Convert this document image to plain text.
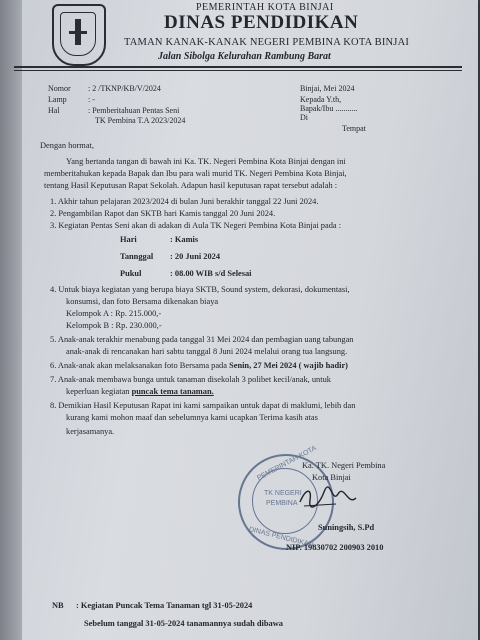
PEMERINTAH KOTA BINJAI
DINAS PENDIDIKAN
TAMAN KANAK-KANAK NEGERI PEMBINA KOTA BINJAI
Jalan Sibolga Kelurahan Rambung Barat
Nomor : 2 /TKNP/KB/V/2024
Lamp	: -
Hal	: Pemberitahuan Pentas Seni
TK Pembina T.A 2023/2024
Binjai, Mei 2024
Kepada Y.th,
Bapak/Ibu ...........
Di
Tempat
Dengan hormat,
Yang bertanda tangan di bawah ini Ka. TK. Negeri Pembina Kota Binjai dengan ini
memberitahukan kepada Bapak dan Ibu para wali murid TK. Negeri Pembina Kota Binjai,
tentang Hasil Keputusan Rapat Sekolah. Adapun hasil keputusan rapat tersebut adalah :
1. Akhir tahun pelajaran 2023/2024 di bulan Juni berakhir tanggal 22 Juni 2024.
2. Pengambilan Rapot dan SKTB hari Kamis tanggal 20 Juni 2024.
3. Kegiatan Pentas Seni akan di adakan di Aula TK Negeri Pembina Kota Binjai pada :
Hari	: Kamis
Tannggal : 20 Juni 2024
Pukul	: 08.00 WIB s/d Selesai
4. Untuk biaya kegiatan yang berupa biaya SKTB, Sound system, dekorasi, dokumentasi,
konsumsi, dan foto Bersama dikenakan biaya
Kelompok A : Rp. 215.000,-
Kelompok B : Rp. 230.000,-
5. Anak-anak terakhir menabung pada tanggal 31 Mei 2024 dan pembagian uang tabungan
anak-anak di rencanakan hari sabtu tanggal 8 Juni 2024 melalui orang tua langsung.
6. Anak-anak akan melaksanakan foto Bersama pada Senin, 27 Mei 2024 ( wajib hadir)
7. Anak-anak membawa bunga untuk tanaman disekolah 3 polibet kecil/anak, untuk
keperluan kegiatan puncak tema tanaman.
8. Demikian Hasil Keputusan Rapat ini kami sampaikan untuk dapat di maklumi, lebih dan
kurang kami mohon maaf dan sebelumnya kami ucapkan Terima kasih atas
kerjasamanya.
PEMERINTAH KOTA
TK NEGERI
PEMBINA
DINAS PENDIDIKAN
Ka. TK. Negeri Pembina
Kota Binjai
Suningsih, S.Pd
NIP. 19830702 200903 2010
NB : Kegiatan Puncak Tema Tanaman tgl 31-05-2024
Sebelum tanggal 31-05-2024 tanamannya sudah dibawa
